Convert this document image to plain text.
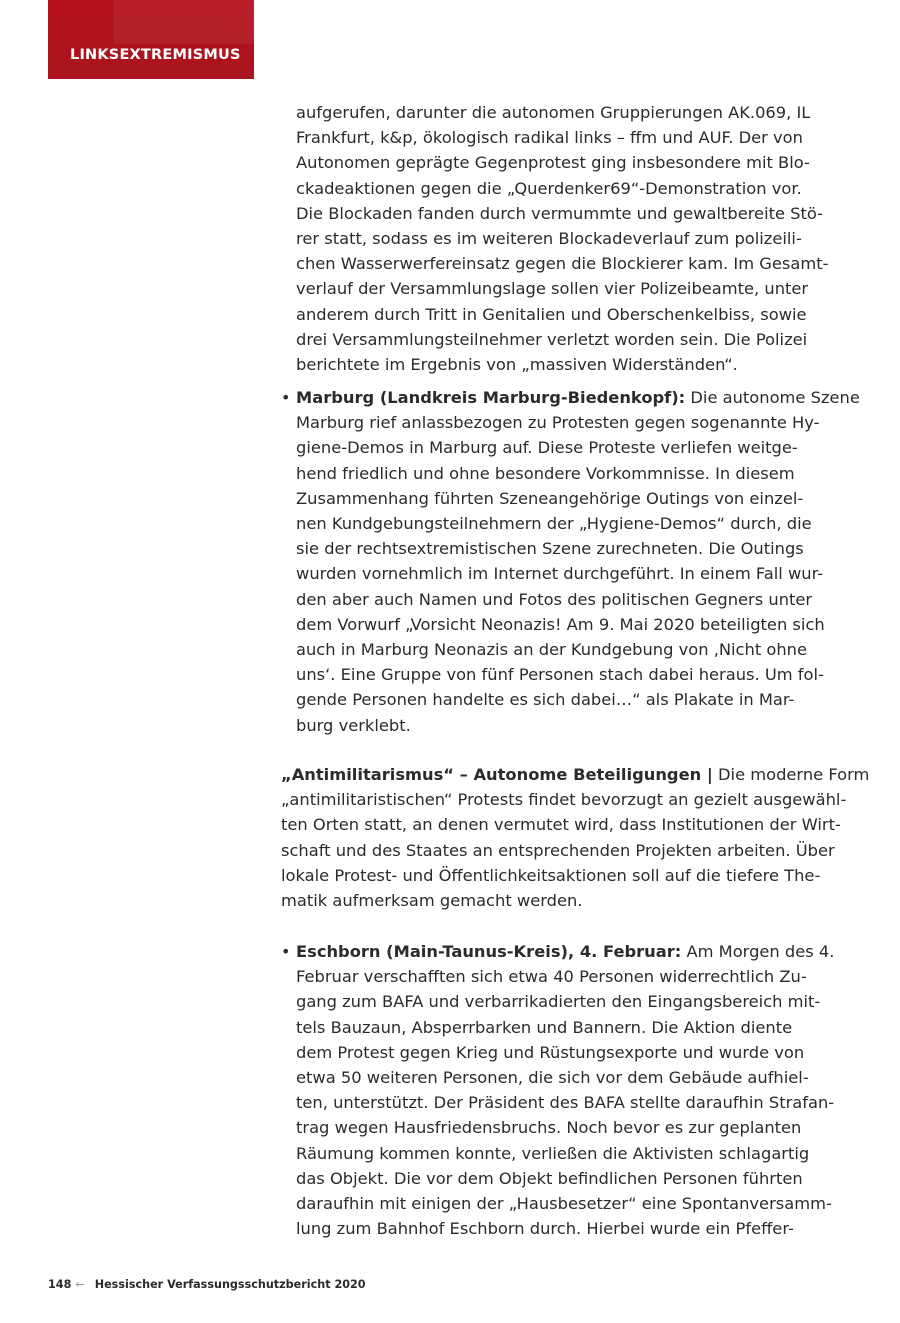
LINKSEXTREMISMUS
aufgerufen, darunter die autonomen Gruppierungen AK.069, IL
Frankfurt, k&p, ökologisch radikal links – ffm und AUF. Der von
Autonomen geprägte Gegenprotest ging insbesondere mit Blo-
ckadeaktionen gegen die „Querdenker69“-Demonstration vor.
Die Blockaden fanden durch vermummte und gewaltbereite Stö-
rer statt, sodass es im weiteren Blockadeverlauf zum polizeili-
chen Wasserwerfereinsatz gegen die Blockierer kam. Im Gesamt-
verlauf der Versammlungslage sollen vier Polizeibeamte, unter
anderem durch Tritt in Genitalien und Oberschenkelbiss, sowie
drei Versammlungsteilnehmer verletzt worden sein. Die Polizei
berichtete im Ergebnis von „massiven Widerständen“.
• Marburg (Landkreis Marburg-Biedenkopf): Die autonome Szene
Marburg rief anlassbezogen zu Protesten gegen sogenannte Hy-
giene-Demos in Marburg auf. Diese Proteste verliefen weitge-
hend friedlich und ohne besondere Vorkommnisse. In diesem
Zusammenhang führten Szeneangehörige Outings von einzel-
nen Kundgebungsteilnehmern der „Hygiene-Demos“ durch, die
sie der rechtsextremistischen Szene zurechneten. Die Outings
wurden vornehmlich im Internet durchgeführt. In einem Fall wur-
den aber auch Namen und Fotos des politischen Gegners unter
dem Vorwurf „Vorsicht Neonazis! Am 9. Mai 2020 beteiligten sich
auch in Marburg Neonazis an der Kundgebung von ‚Nicht ohne
uns‘. Eine Gruppe von fünf Personen stach dabei heraus. Um fol-
gende Personen handelte es sich dabei…“ als Plakate in Mar-
burg verklebt.
„Antimilitarismus“ – Autonome Beteiligungen | Die moderne Form
„antimilitaristischen“ Protests findet bevorzugt an gezielt ausgewähl-
ten Orten statt, an denen vermutet wird, dass Institutionen der Wirt-
schaft und des Staates an entsprechenden Projekten arbeiten. Über
lokale Protest- und Öffentlichkeitsaktionen soll auf die tiefere The-
matik aufmerksam gemacht werden.
• Eschborn (Main-Taunus-Kreis), 4. Februar: Am Morgen des 4.
Februar verschafften sich etwa 40 Personen widerrechtlich Zu-
gang zum BAFA und verbarrikadierten den Eingangsbereich mit-
tels Bauzaun, Absperrbarken und Bannern. Die Aktion diente
dem Protest gegen Krieg und Rüstungsexporte und wurde von
etwa 50 weiteren Personen, die sich vor dem Gebäude aufhiel-
ten, unterstützt. Der Präsident des BAFA stellte daraufhin Strafan-
trag wegen Hausfriedensbruchs. Noch bevor es zur geplanten
Räumung kommen konnte, verließen die Aktivisten schlagartig
das Objekt. Die vor dem Objekt befindlichen Personen führten
daraufhin mit einigen der „Hausbesetzer“ eine Spontanversamm-
lung zum Bahnhof Eschborn durch. Hierbei wurde ein Pfeffer-
148 ← Hessischer Verfassungsschutzbericht 2020
